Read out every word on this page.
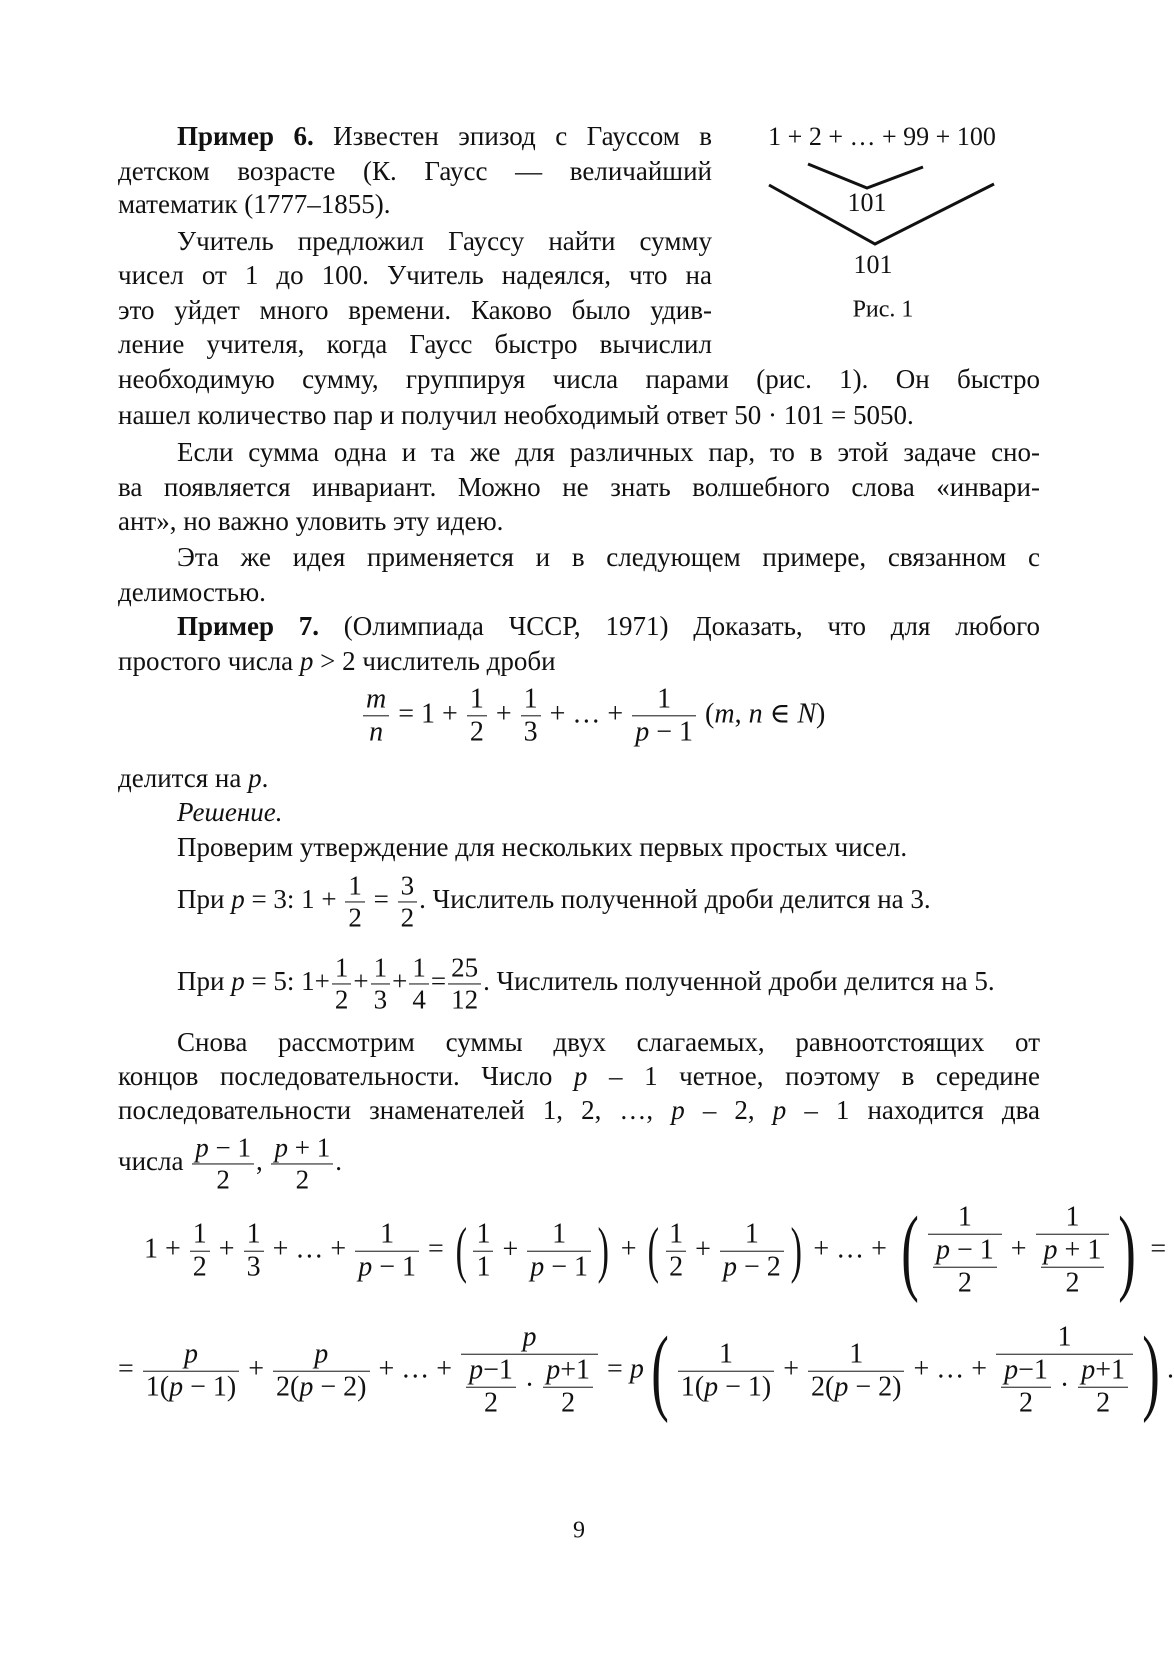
1 + 2 + … + 99 + 100
101
101
Рис. 1
Пример 6. Известен эпизод с Гауссом в
детском возрасте (К. Гаусс — величайший
математик (1777–1855).
Учитель предложил Гауссу найти сумму
чисел от 1 до 100. Учитель надеялся, что на
это уйдет много времени. Каково было удив-
ление учителя, когда Гаусс быстро вычислил
необходимую сумму, группируя числа парами (рис. 1). Он быстро
нашел количество пар и получил необходимый ответ 50 · 101 = 5050.
Если сумма одна и та же для различных пар, то в этой задаче сно-
ва появляется инвариант. Можно не знать волшебного слова «инвари-
ант», но важно уловить эту идею.
Эта же идея применяется и в следующем примере, связанном с
делимостью.
Пример 7. (Олимпиада ЧССР, 1971) Доказать, что для любого
простого числа p > 2 числитель дроби
$\frac{m}{n} = 1 + \frac{1}{2} + \frac{1}{3}$ + … + $\frac{1}{p - 1} (m$, n ∈ N)
делится на p.
Решение.
Проверим утверждение для нескольких первых простых чисел.
При p = 3: $1 + \frac{1}{2} = \frac{3}{2}$ . Числитель полученной дроби делится на 3.
При p = 5: $1+ \frac{1}{2} + \frac{1}{3} + \frac{1}{4} = \frac{25}{12}$ . Числитель полученной дроби делится на 5.
Снова рассмотрим суммы двух слагаемых, равноотстоящих от
концов последовательности. Число p – 1 четное, поэтому в середине
последовательности знаменателей 1, 2, …, p – 2, p – 1 находится два
числа $\frac{p - 1}{2}$ , $\frac{p + 1}{2}$ .
$1 + \frac{1}{2} + \frac{1}{3}$ + … + $\frac{1}{p - 1}$ = ( $\frac{1}{1} + \frac{1}{p - 1}$ ) + ( $\frac{1}{2} + \frac{1}{p - 2}$ ) + … + ( $\frac{1}{\frac{p - 1}{2}} + \frac{1}{\frac{p + 1}{2}}$ ) =
= $\frac{p}{1(p - 1)} + \frac{p}{2(p - 2)}$ + … + $\frac{p}{\frac{p-1}{2} \cdot \frac{p+1}{2}} = p$ ( $\frac{1}{1(p - 1)} + \frac{1}{2(p - 2)}$ + … + $\frac{1}{\frac{p-1}{2} \cdot \frac{p+1}{2}}$ ) .
9
